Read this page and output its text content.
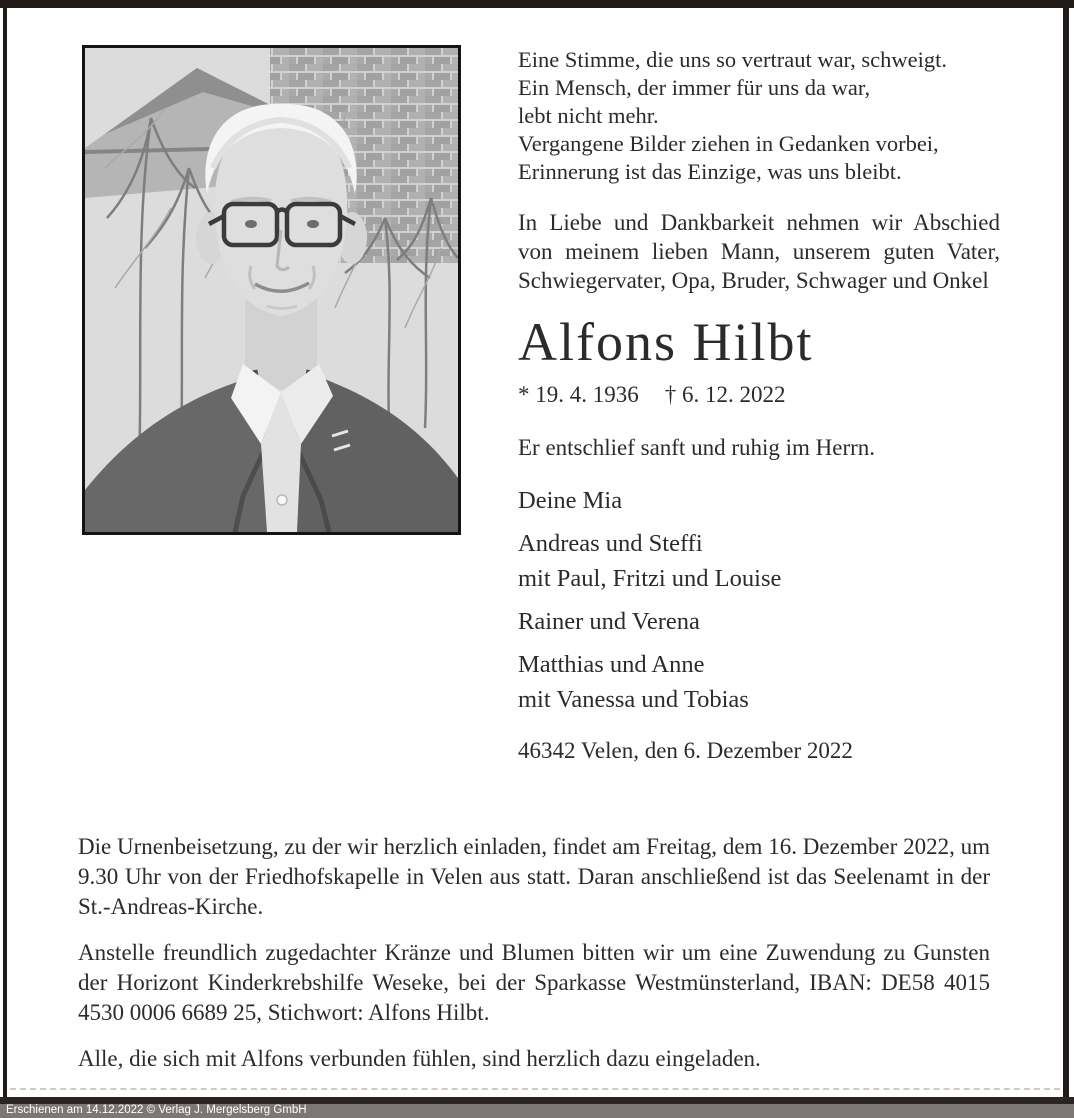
Eine Stimme, die uns so vertraut war, schweigt.
Ein Mensch, der immer für uns da war,
lebt nicht mehr.
Vergangene Bilder ziehen in Gedanken vorbei,
Erinnerung ist das Einzige, was uns bleibt.

In Liebe und Dankbarkeit nehmen wir Abschied von meinem lieben Mann, unserem guten Vater, Schwiegervater, Opa, Bruder, Schwager und Onkel

Alfons Hilbt
* 19. 4. 1936 † 6. 12. 2022

Er entschlief sanft und ruhig im Herrn.

Deine Mia
Andreas und Steffi
mit Paul, Fritzi und Louise
Rainer und Verena
Matthias und Anne
mit Vanessa und Tobias
46342 Velen, den 6. Dezember 2022

Die Urnenbeisetzung, zu der wir herzlich einladen, findet am Freitag, dem 16. Dezember 2022, um 9.30 Uhr von der Friedhofskapelle in Velen aus statt. Daran anschließend ist das Seelenamt in der St.-Andreas-Kirche.

Anstelle freundlich zugedachter Kränze und Blumen bitten wir um eine Zuwendung zu Gunsten der Horizont Kinderkrebshilfe Weseke, bei der Sparkasse Westmünsterland, IBAN: DE58 4015 4530 0006 6689 25, Stichwort: Alfons Hilbt.

Alle, die sich mit Alfons verbunden fühlen, sind herzlich dazu eingeladen.

Erschienen am 14.12.2022 © Verlag J. Mergelsberg GmbH
